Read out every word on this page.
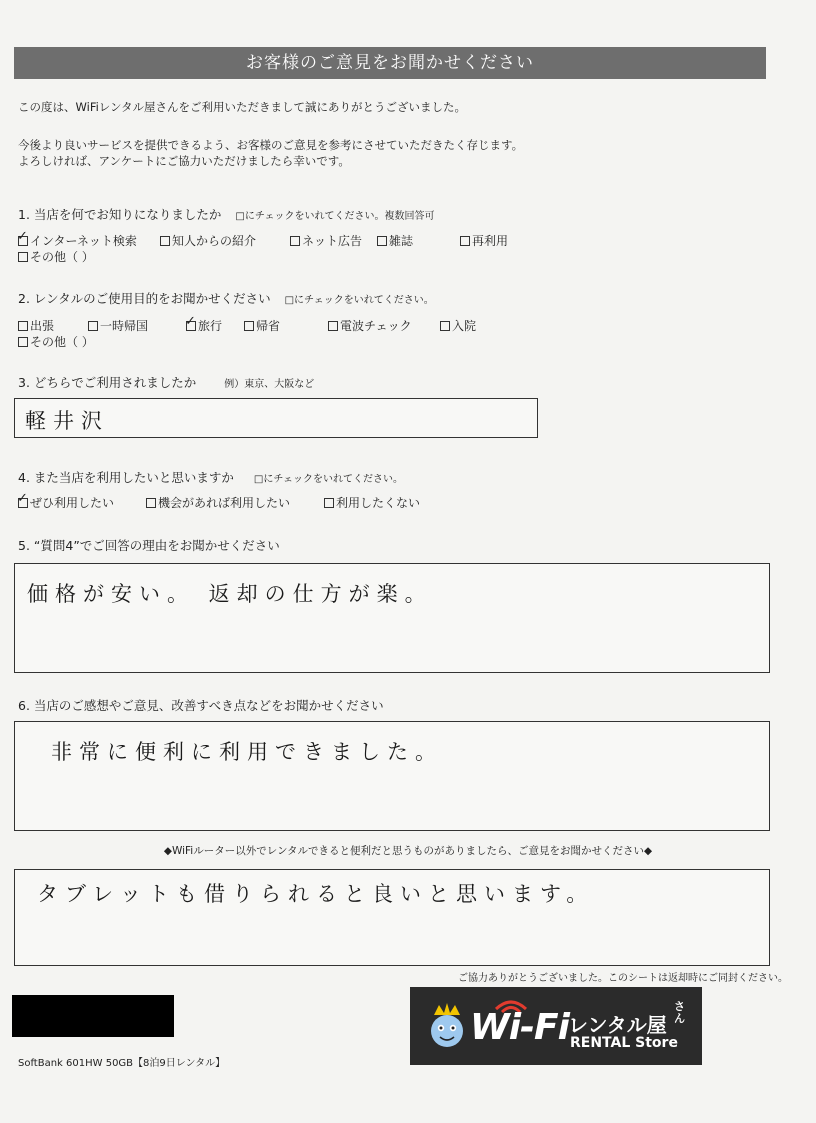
お客様のご意見をお聞かせください
この度は、WiFiレンタル屋さんをご利用いただきまして誠にありがとうございました。
今後より良いサービスを提供できるよう、お客様のご意見を参考にさせていただきたく存じます。
よろしければ、アンケートにご協力いただけましたら幸いです。
1. 当店を何でお知りになりましたか □にチェックをいれてください。複数回答可
✓インターネット検索	知人からの紹介	ネット広告	雑誌	再利用
その他（ ）
2. レンタルのご使用目的をお聞かせください □にチェックをいれてください。
出張	一時帰国
✓	旅行	帰省	電波チェック	入院
その他（ ）
3. どちらでご利用されましたか	例）東京、大阪など
軽井沢
4. また当店を利用したいと思いますか □にチェックをいれてください。
✓ぜひ利用したい	機会があれば利用したい	利用したくない
5. “質問4”でご回答の理由をお聞かせください
価格が安い。 返却の仕方が楽。
6. 当店のご感想やご意見、改善すべき点などをお聞かせください
非常に便利に利用できました。
◆WiFiルーター以外でレンタルできると便利だと思うものがありましたら、ご意見をお聞かせください◆
タブレットも借りられると良いと思います。
ご協力ありがとうございました。このシートは返却時にご同封ください。
SoftBank 601HW 50GB【8泊9日レンタル】
Wi-Fi レンタル屋
さん
RENTAL Store
